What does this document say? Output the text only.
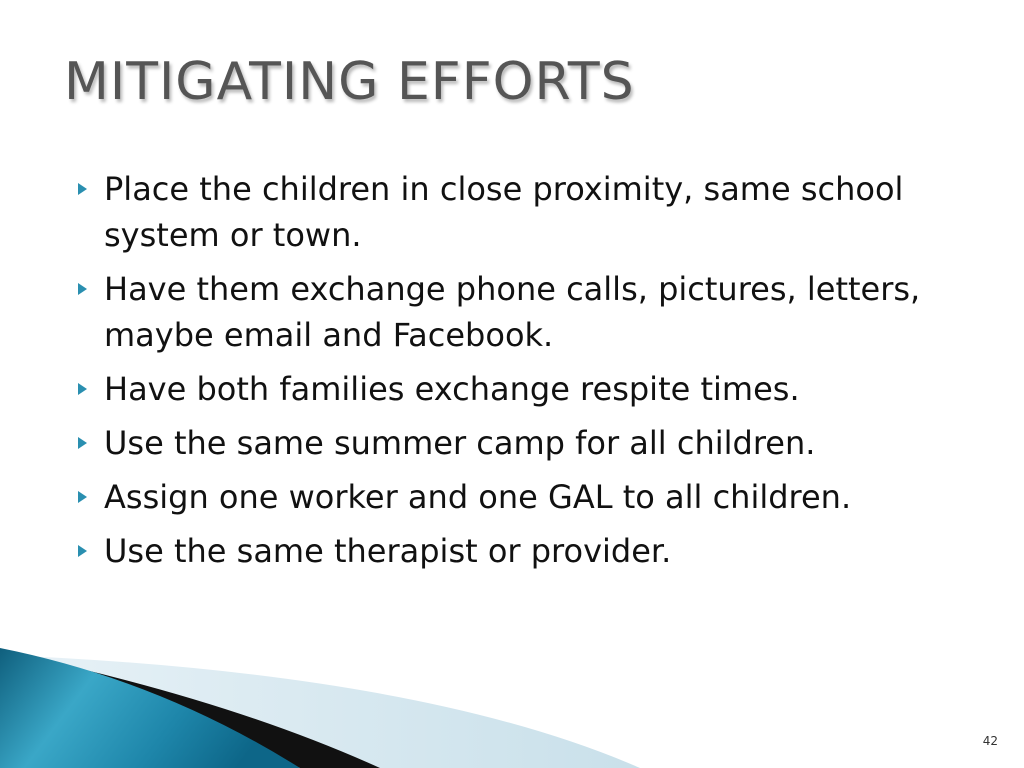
MITIGATING EFFORTS
Place the children in close proximity, same school system or town.
Have them exchange phone calls, pictures, letters, maybe email and Facebook.
Have both families exchange respite times.
Use the same summer camp for all children.
Assign one worker and one GAL to all children.
Use the same therapist or provider.
42
